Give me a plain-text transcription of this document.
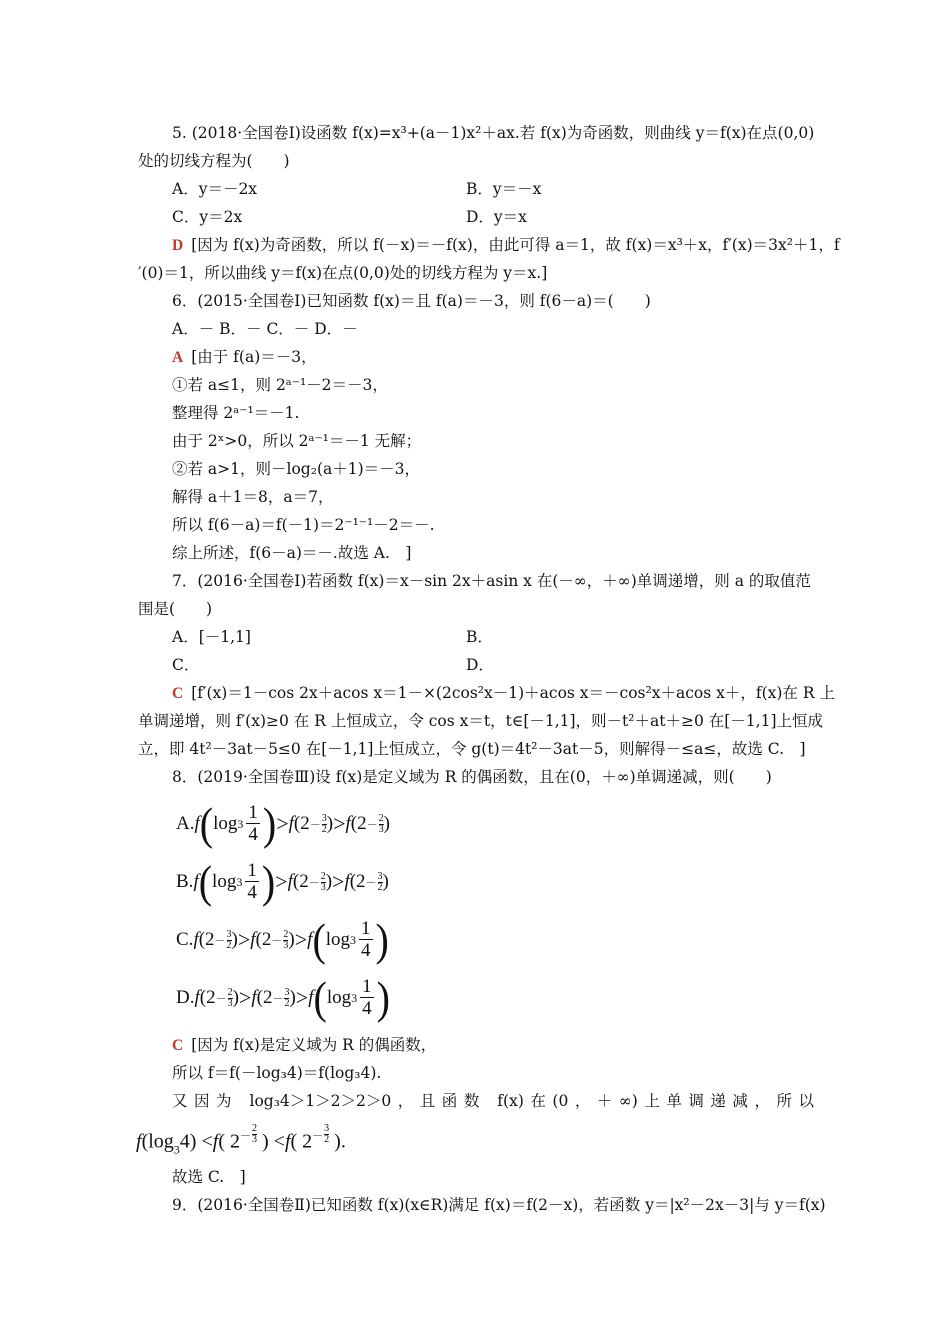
5. (2018·全国卷Ⅰ)设函数 f(x)=x³+(a－1)x²＋ax.若 f(x)为奇函数，则曲线 y＝f(x)在点(0,0)
处的切线方程为(　　)
A．y＝－2x	B．y＝－x
C．y＝2x	D．y＝x
D [因为 f(x)为奇函数，所以 f(－x)＝－f(x)，由此可得 a＝1，故 f(x)＝x³＋x，f′(x)＝3x²＋1，f
′(0)＝1，所以曲线 y＝f(x)在点(0,0)处的切线方程为 y＝x.]
6．(2015·全国卷Ⅰ)已知函数 f(x)＝且 f(a)＝－3，则 f(6－a)＝(　　)
A．－ B．－ C．－ D．－
A [由于 f(a)＝－3，
①若 a≤1，则 2ᵃ⁻¹－2＝－3，
整理得 2ᵃ⁻¹＝－1.
由于 2ˣ>0，所以 2ᵃ⁻¹＝－1 无解；
②若 a>1，则－log₂(a＋1)＝－3，
解得 a＋1＝8，a＝7，
所以 f(6－a)＝f(－1)＝2⁻¹⁻¹－2＝－.
综上所述，f(6－a)＝－.故选 A.　]
7．(2016·全国卷Ⅰ)若函数 f(x)＝x－sin 2x＋asin x 在(－∞，＋∞)单调递增，则 a 的取值范
围是(　　)
A．[－1,1]	B．
C．	D．
C [f′(x)＝1－cos 2x＋acos x＝1－×(2cos²x－1)＋acos x＝－cos²x＋acos x＋，f(x)在 R 上
单调递增，则 f′(x)≥0 在 R 上恒成立，令 cos x＝t，t∈[－1,1]，则－t²＋at＋≥0 在[－1,1]上恒成
立，即 4t²－3at－5≤0 在[－1,1]上恒成立，令 g(t)＝4t²－3at－5，则解得－≤a≤，故选 C.　]
8．(2019·全国卷Ⅲ)设 f(x)是定义域为 R 的偶函数，且在(0，＋∞)单调递减，则(　　)
A. f ( $\log 3 \frac{1}{4}$ ) > f ( $2 - \frac{3}{2}$ ) > f ( $2 - \frac{2}{3}$ )
B. f ( $\log 3 \frac{1}{4}$ ) > f ( $2 - \frac{2}{3}$ ) > f ( $2 - \frac{3}{2}$ )
C. f ( $2 - \frac{3}{2}$ ) > f ( $2 - \frac{2}{3}$ ) > f ( $\log 3 \frac{1}{4}$ )
D. f ( $2 - \frac{2}{3}$ ) > f ( $2 - \frac{3}{2}$ ) > f ( $\log 3 \frac{1}{4}$ )
C [因为 f(x)是定义域为 R 的偶函数，
所以 f＝f(－log₃4)＝f(log₃4).
又因为 log₃4＞1＞2＞2＞0，且函数 f(x)在(0，＋∞)上单调递减，所以
$f(\log_34) <f$( $2 - \frac{2}{3}$ ) <f( $2 - \frac{3}{2}$ ).
故选 C.　]
9．(2016·全国卷Ⅱ)已知函数 f(x)(x∈R)满足 f(x)＝f(2－x)，若函数 y＝|x²－2x－3|与 y＝f(x)
